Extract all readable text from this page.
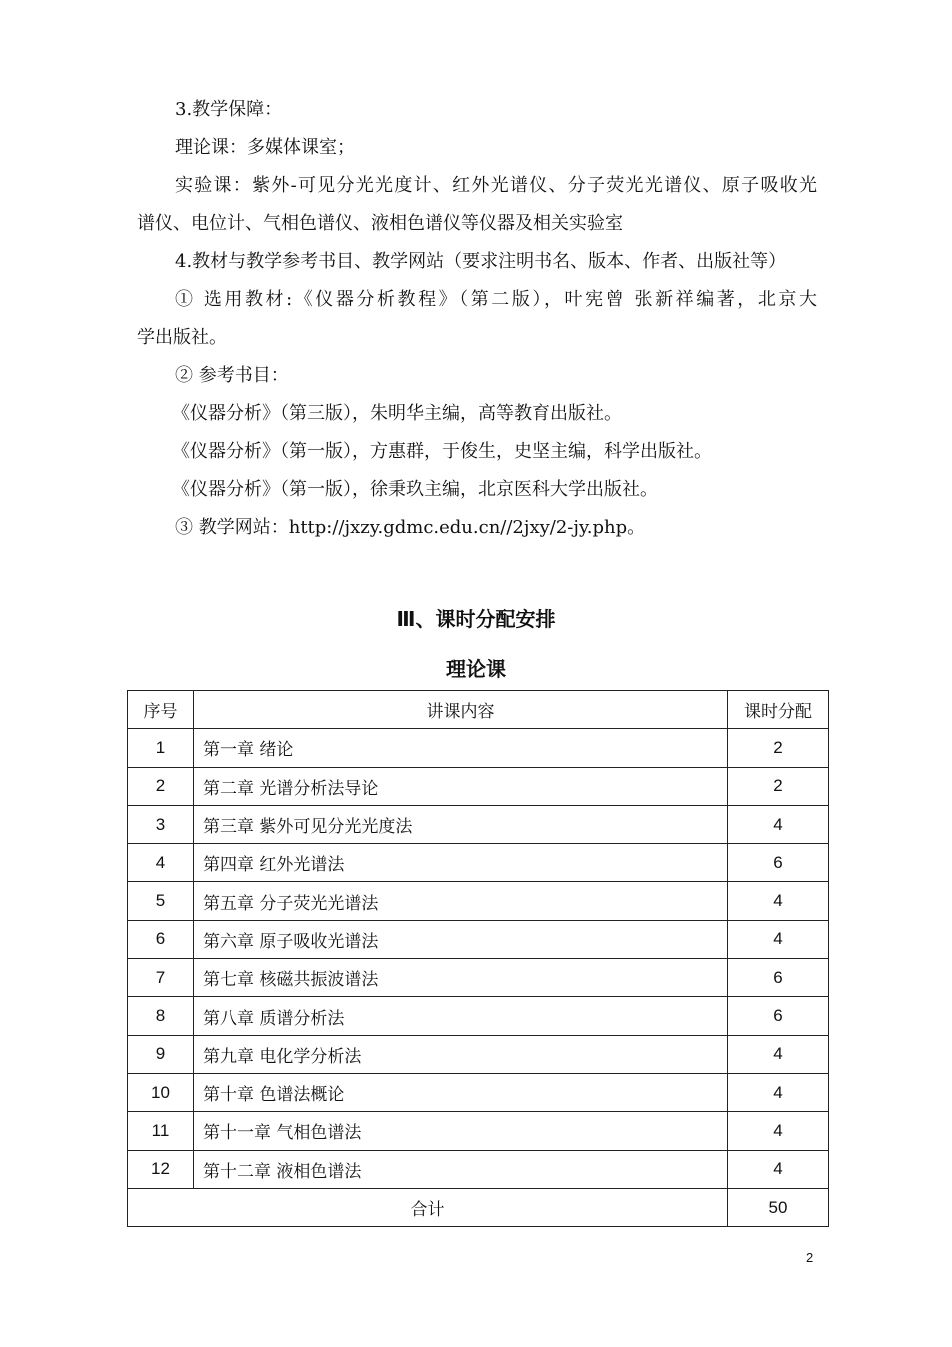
3.教学保障：
理论课：多媒体课室；
实验课：紫外-可见分光光度计、红外光谱仪、分子荧光光谱仪、原子吸收光
谱仪、电位计、气相色谱仪、液相色谱仪等仪器及相关实验室
4.教材与教学参考书目、教学网站（要求注明书名、版本、作者、出版社等）
① 选用教材:《仪器分析教程》（第二版），叶宪曾 张新祥编著，北京大
学出版社。
② 参考书目：
《仪器分析》（第三版），朱明华主编，高等教育出版社。
《仪器分析》（第一版），方惠群，于俊生，史坚主编，科学出版社。
《仪器分析》（第一版），徐秉玖主编，北京医科大学出版社。
③ 教学网站：http://jxzy.gdmc.edu.cn//2jxy/2-jy.php。
Ⅲ、课时分配安排
理论课
序号	讲课内容	课时分配
1	第一章 绪论	2
2	第二章 光谱分析法导论	2
3	第三章 紫外可见分光光度法	4
4	第四章 红外光谱法	6
5	第五章 分子荧光光谱法	4
6	第六章 原子吸收光谱法	4
7	第七章 核磁共振波谱法	6
8	第八章 质谱分析法	6
9	第九章 电化学分析法	4
10	第十章 色谱法概论	4
11	第十一章 气相色谱法	4
12	第十二章 液相色谱法	4
合计		50
2
